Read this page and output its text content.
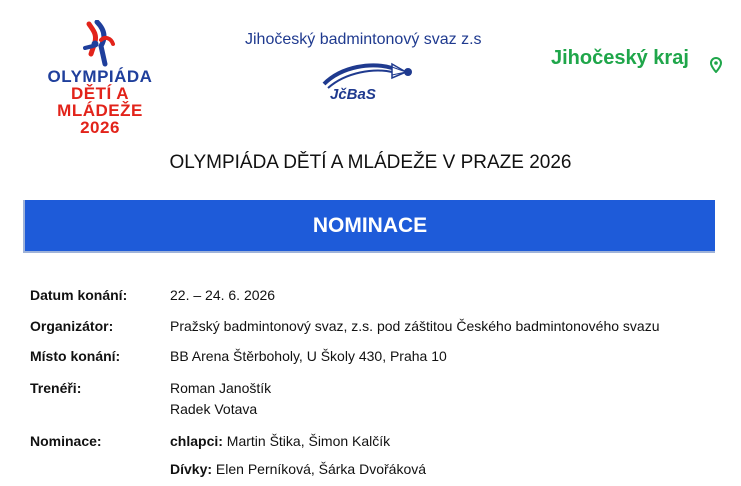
OLYMPIÁDA
DĚTÍ A
MLÁDEŽE
2026
Jihočeský badmintonový svaz z.s
JčBaS
Jihočeský kraj
OLYMPIÁDA DĚTÍ A MLÁDEŽE V PRAZE 2026
NOMINACE
Datum konání:	22. – 24. 6. 2026
Organizátor:	Pražský badmintonový svaz, z.s. pod záštitou Českého badmintonového svazu
Místo konání:	BB Arena Štěrboholy, U Školy 430, Praha 10
Trenéři:	Roman Janoštík
Radek Votava
Nominace:	chlapci: Martin Štika, Šimon Kalčík
Dívky: Elen Perníková, Šárka Dvořáková
